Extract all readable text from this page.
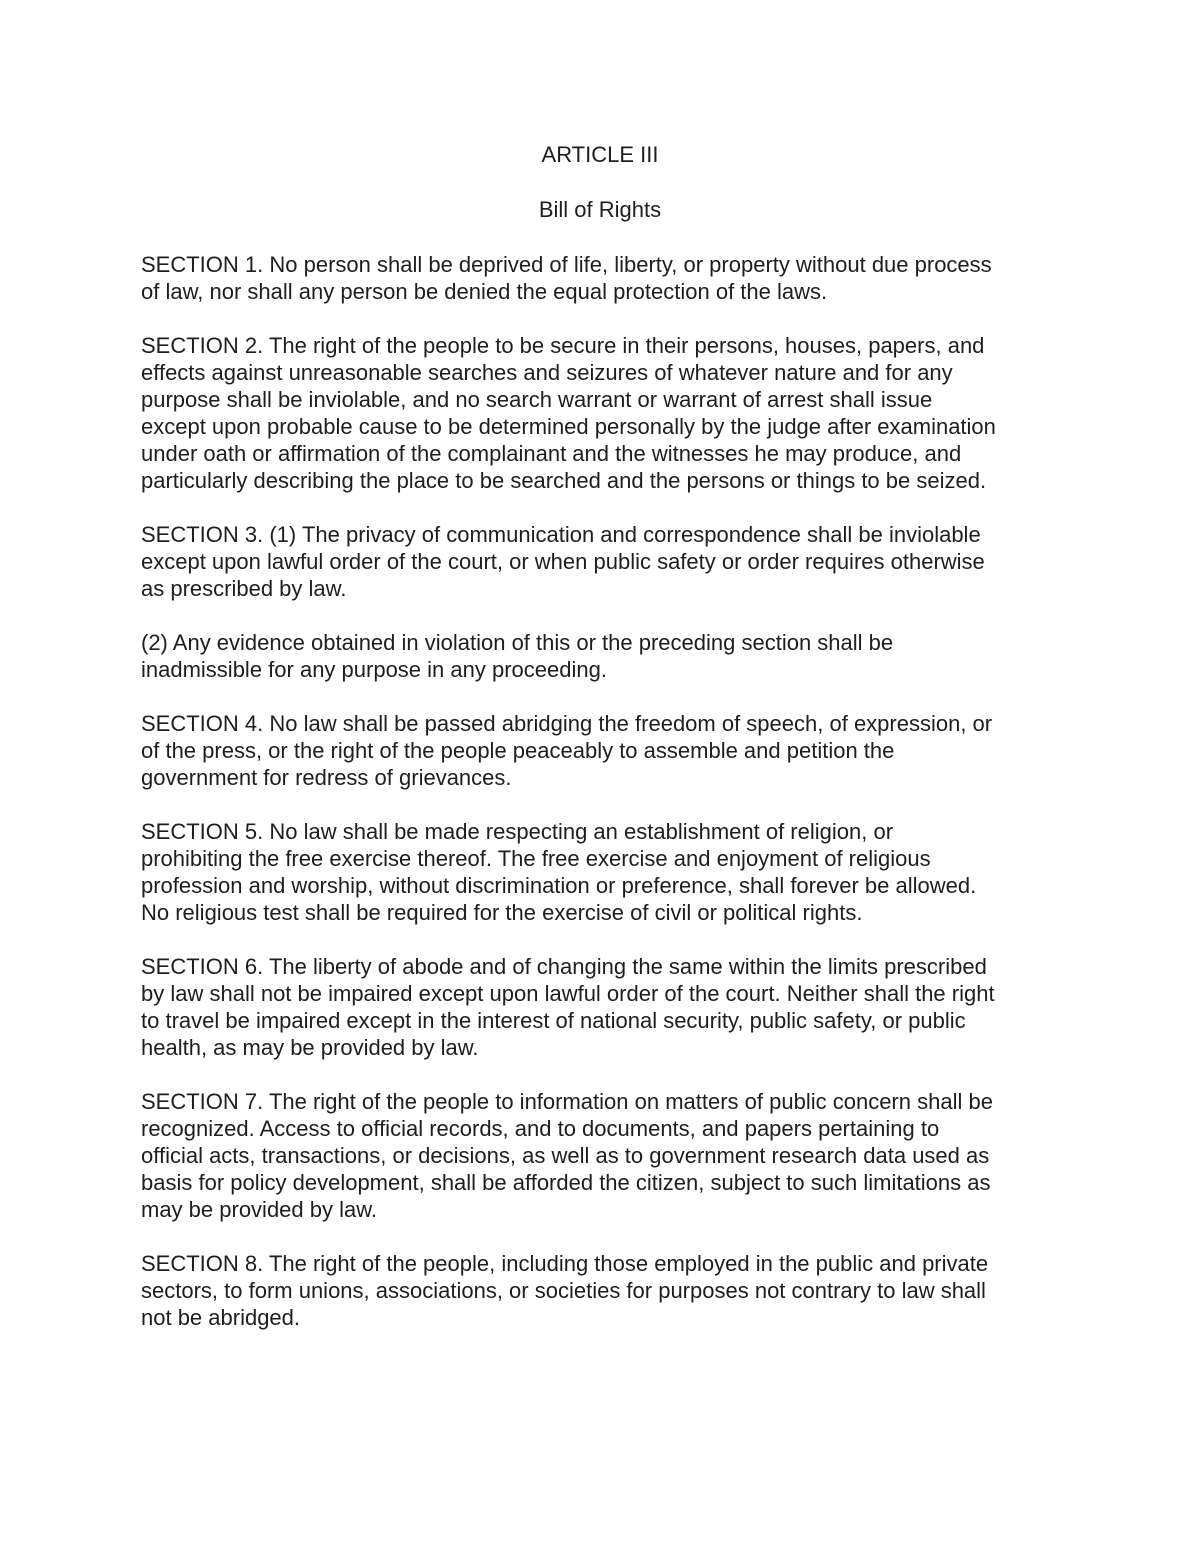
ARTICLE III
Bill of Rights

SECTION 1. No person shall be deprived of life, liberty, or property without due process
of law, nor shall any person be denied the equal protection of the laws.

SECTION 2. The right of the people to be secure in their persons, houses, papers, and
effects against unreasonable searches and seizures of whatever nature and for any
purpose shall be inviolable, and no search warrant or warrant of arrest shall issue
except upon probable cause to be determined personally by the judge after examination
under oath or affirmation of the complainant and the witnesses he may produce, and
particularly describing the place to be searched and the persons or things to be seized.

SECTION 3. (1) The privacy of communication and correspondence shall be inviolable
except upon lawful order of the court, or when public safety or order requires otherwise
as prescribed by law.

(2) Any evidence obtained in violation of this or the preceding section shall be
inadmissible for any purpose in any proceeding.

SECTION 4. No law shall be passed abridging the freedom of speech, of expression, or
of the press, or the right of the people peaceably to assemble and petition the
government for redress of grievances.

SECTION 5. No law shall be made respecting an establishment of religion, or
prohibiting the free exercise thereof. The free exercise and enjoyment of religious
profession and worship, without discrimination or preference, shall forever be allowed.
No religious test shall be required for the exercise of civil or political rights.

SECTION 6. The liberty of abode and of changing the same within the limits prescribed
by law shall not be impaired except upon lawful order of the court. Neither shall the right
to travel be impaired except in the interest of national security, public safety, or public
health, as may be provided by law.

SECTION 7. The right of the people to information on matters of public concern shall be
recognized. Access to official records, and to documents, and papers pertaining to
official acts, transactions, or decisions, as well as to government research data used as
basis for policy development, shall be afforded the citizen, subject to such limitations as
may be provided by law.

SECTION 8. The right of the people, including those employed in the public and private
sectors, to form unions, associations, or societies for purposes not contrary to law shall
not be abridged.
